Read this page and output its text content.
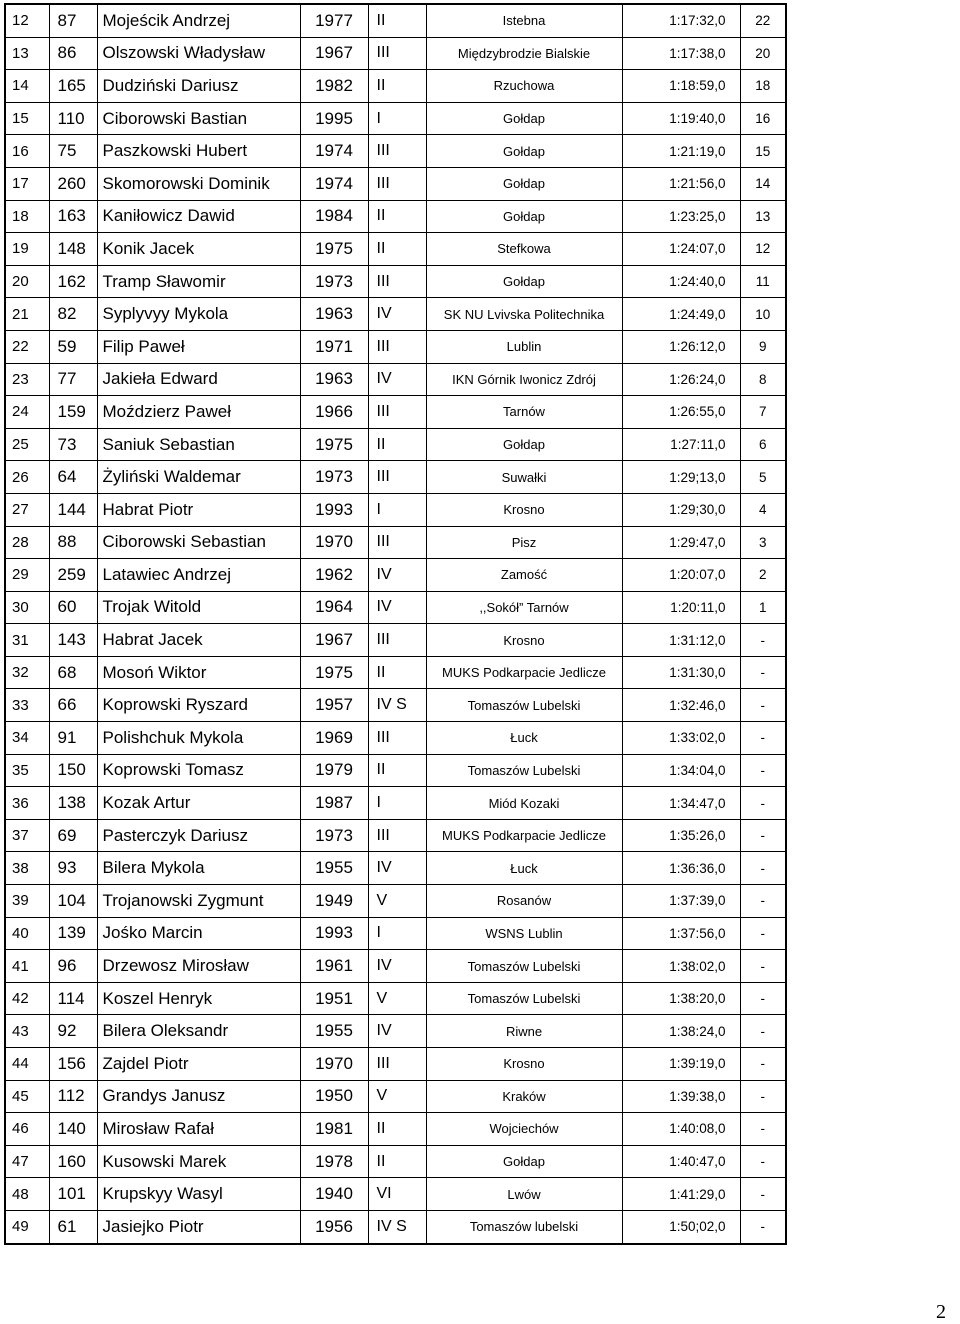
12	87	Mojeścik Andrzej	1977	II	Istebna	1:17:32,0	22
13	86	Olszowski Władysław	1967	III	Międzybrodzie Bialskie	1:17:38,0	20
14	165	Dudziński Dariusz	1982	II	Rzuchowa	1:18:59,0	18
15	110	Ciborowski Bastian	1995	I	Gołdap	1:19:40,0	16
16	75	Paszkowski Hubert	1974	III	Gołdap	1:21:19,0	15
17	260	Skomorowski Dominik	1974	III	Gołdap	1:21:56,0	14
18	163	Kaniłowicz Dawid	1984	II	Gołdap	1:23:25,0	13
19	148	Konik Jacek	1975	II	Stefkowa	1:24:07,0	12
20	162	Tramp Sławomir	1973	III	Gołdap	1:24:40,0	11
21	82	Syplyvyy Mykola	1963	IV	SK NU Lvivska Politechnika	1:24:49,0	10
22	59	Filip Paweł	1971	III	Lublin	1:26:12,0	9
23	77	Jakieła Edward	1963	IV	IKN Górnik Iwonicz Zdrój	1:26:24,0	8
24	159	Moździerz Paweł	1966	III	Tarnów	1:26:55,0	7
25	73	Saniuk Sebastian	1975	II	Gołdap	1:27:11,0	6
26	64	Żyliński Waldemar	1973	III	Suwałki	1:29;13,0	5
27	144	Habrat Piotr	1993	I	Krosno	1:29;30,0	4
28	88	Ciborowski Sebastian	1970	III	Pisz	1:29:47,0	3
29	259	Latawiec Andrzej	1962	IV	Zamość	1:20:07,0	2
30	60	Trojak Witold	1964	IV	,,Sokół” Tarnów	1:20:11,0	1
31	143	Habrat Jacek	1967	III	Krosno	1:31:12,0	-
32	68	Mosoń Wiktor	1975	II	MUKS Podkarpacie Jedlicze	1:31:30,0	-
33	66	Koprowski Ryszard	1957	IV S	Tomaszów Lubelski	1:32:46,0	-
34	91	Polishchuk Mykola	1969	III	Łuck	1:33:02,0	-
35	150	Koprowski Tomasz	1979	II	Tomaszów Lubelski	1:34:04,0	-
36	138	Kozak Artur	1987	I	Miód Kozaki	1:34:47,0	-
37	69	Pasterczyk Dariusz	1973	III	MUKS Podkarpacie Jedlicze	1:35:26,0	-
38	93	Bilera Mykola	1955	IV	Łuck	1:36:36,0	-
39	104	Trojanowski Zygmunt	1949	V	Rosanów	1:37:39,0	-
40	139	Jośko Marcin	1993	I	WSNS Lublin	1:37:56,0	-
41	96	Drzewosz Mirosław	1961	IV	Tomaszów Lubelski	1:38:02,0	-
42	114	Koszel Henryk	1951	V	Tomaszów Lubelski	1:38:20,0	-
43	92	Bilera Oleksandr	1955	IV	Riwne	1:38:24,0	-
44	156	Zajdel Piotr	1970	III	Krosno	1:39:19,0	-
45	112	Grandys Janusz	1950	V	Kraków	1:39:38,0	-
46	140	Mirosław Rafał	1981	II	Wojciechów	1:40:08,0	-
47	160	Kusowski Marek	1978	II	Gołdap	1:40:47,0	-
48	101	Krupskyy Wasyl	1940	VI	Lwów	1:41:29,0	-
49	61	Jasiejko Piotr	1956	IV S	Tomaszów lubelski	1:50;02,0	-
2
